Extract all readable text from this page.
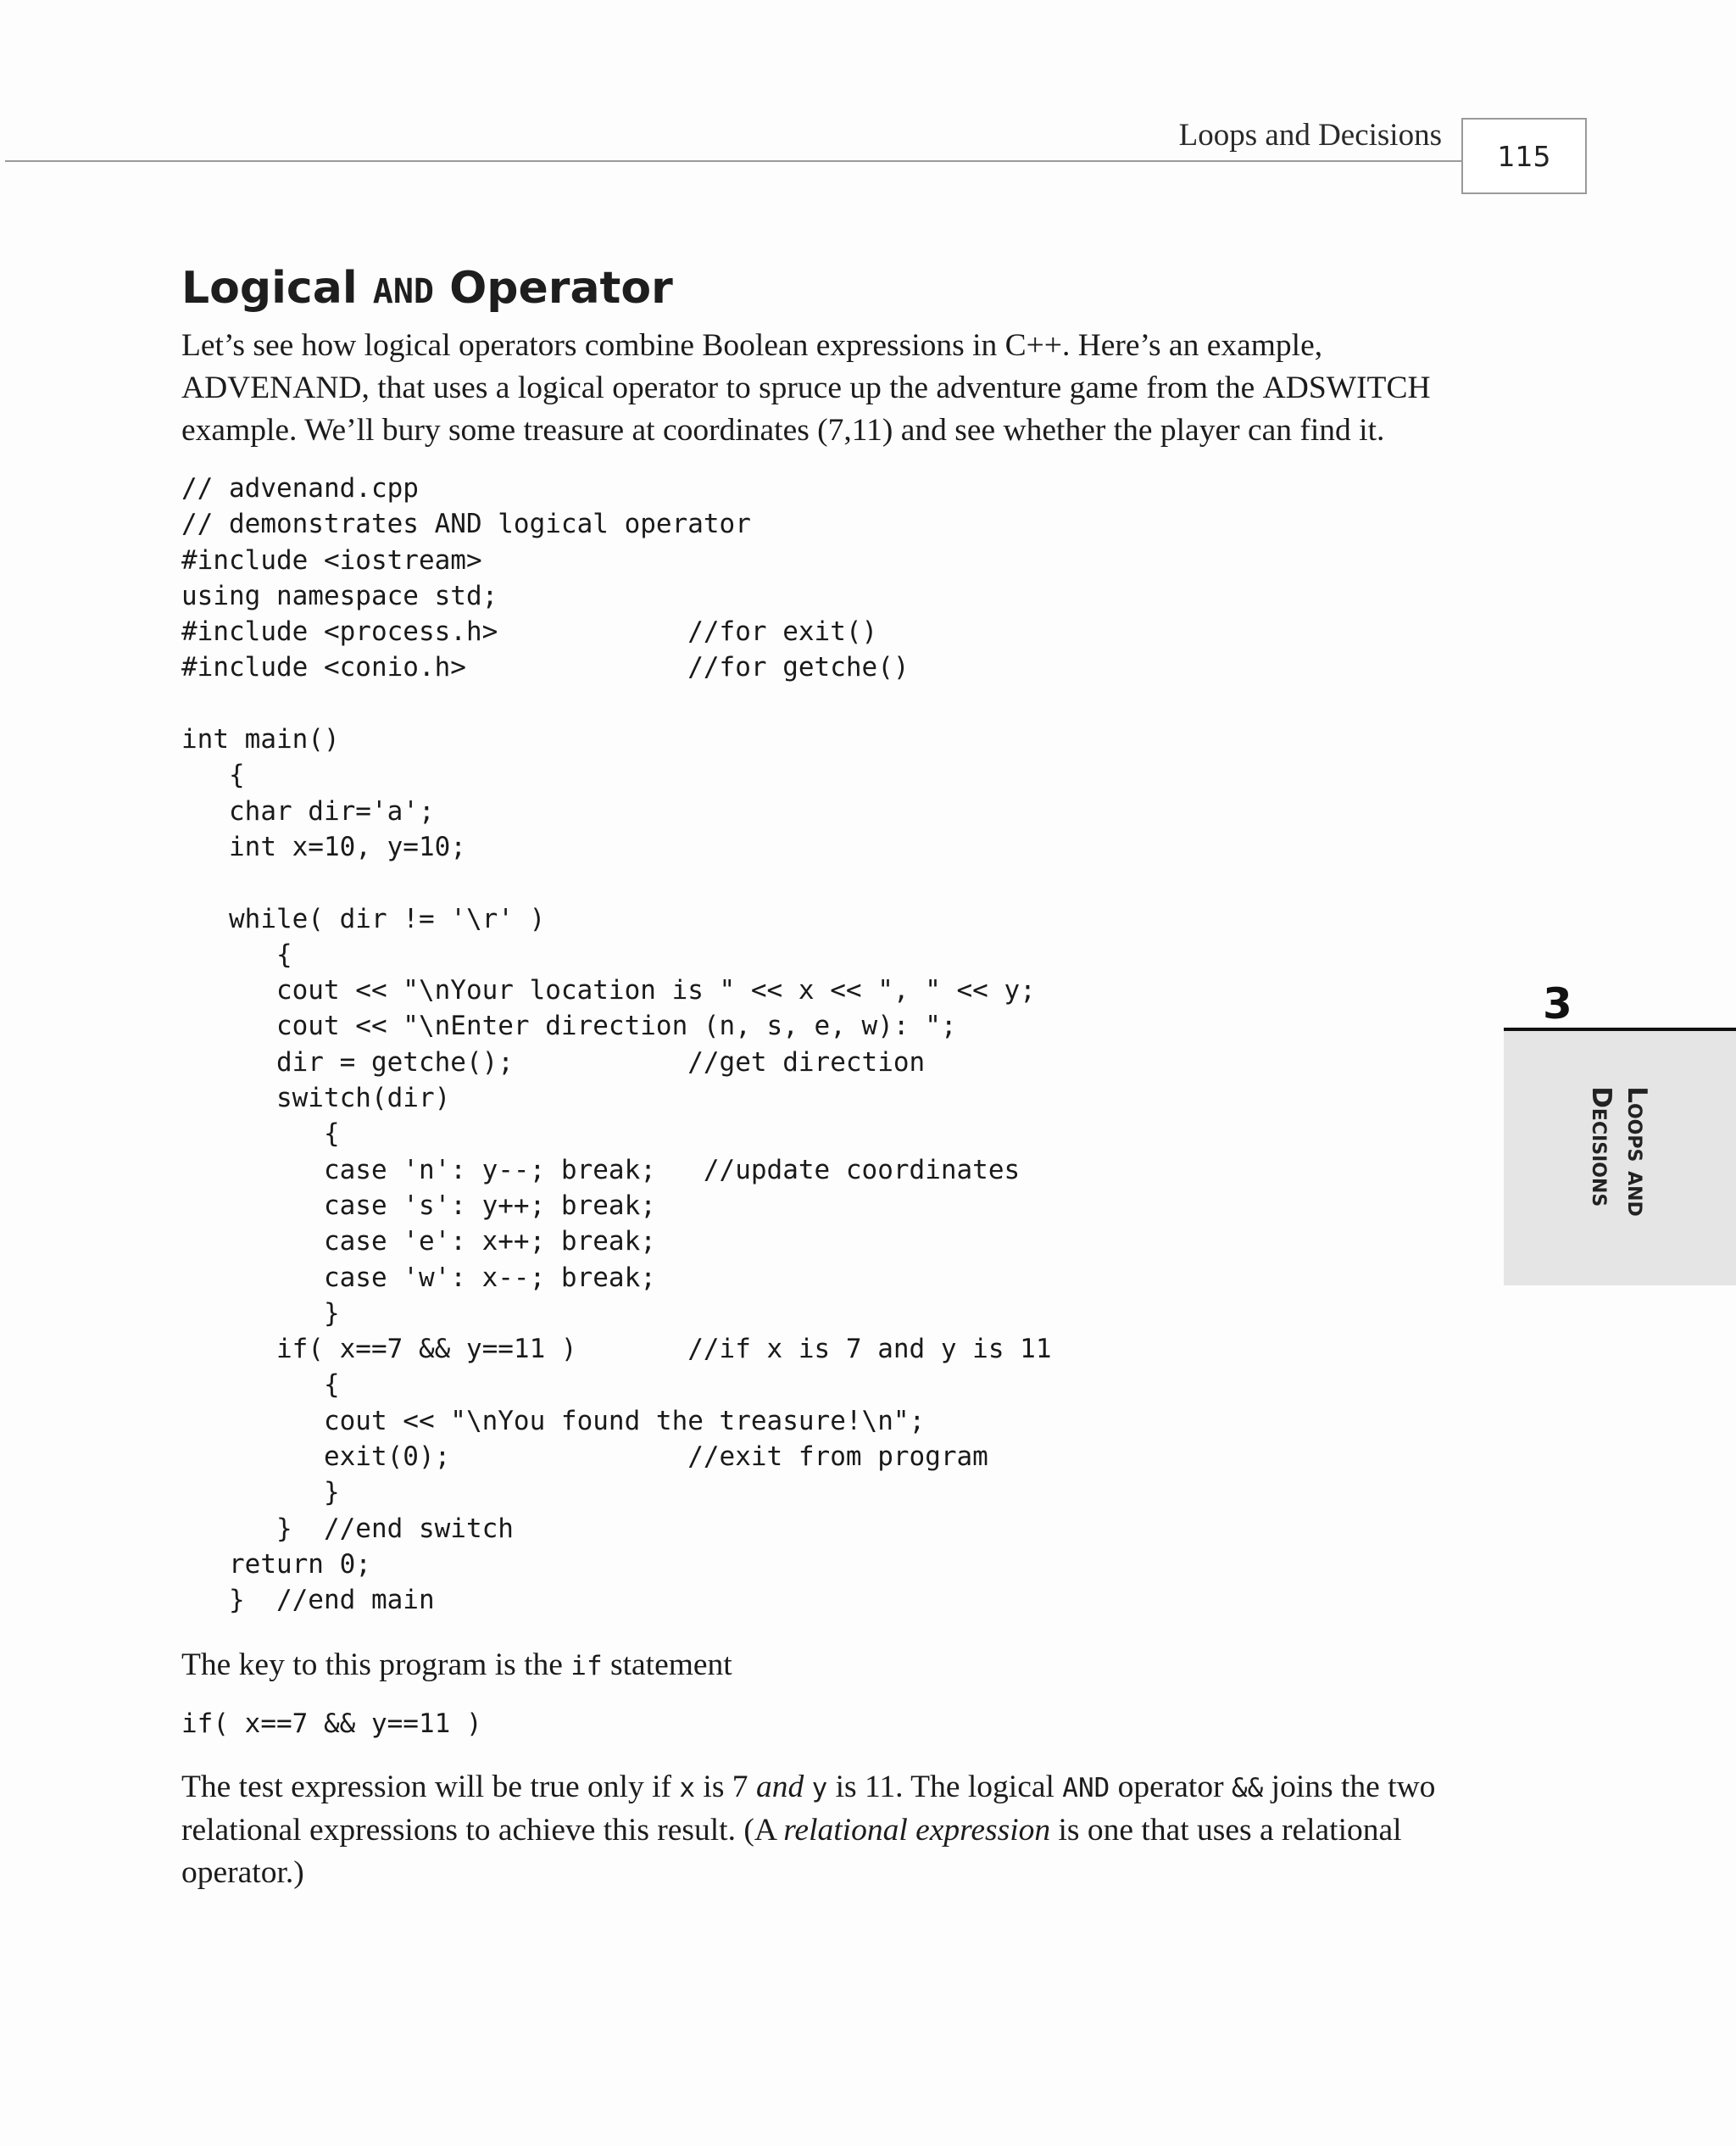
Loops and Decisions
115
3
Loops and
Decisions
Logical AND Operator

Let’s see how logical operators combine Boolean expressions in C++. Here’s an example, ADVENAND, that uses a logical operator to spruce up the adventure game from the ADSWITCH example. We’ll bury some treasure at coordinates (7,11) and see whether the player can find it.

// advenand.cpp
// demonstrates AND logical operator
#include <iostream>
using namespace std;
#include <process.h>            //for exit()
#include <conio.h>              //for getche()

int main()
{
char dir='a';
int x=10, y=10;

while( dir != '\r' )
{
cout << "\nYour location is " << x << ", " << y;
cout << "\nEnter direction (n, s, e, w): ";
dir = getche();           //get direction
switch(dir)
{
case 'n': y--; break;   //update coordinates
case 's': y++; break;
case 'e': x++; break;
case 'w': x--; break;
}
if( x==7 && y==11 )       //if x is 7 and y is 11
{
cout << "\nYou found the treasure!\n";
exit(0);               //exit from program
}
}  //end switch
return 0;
}  //end main

The key to this program is the if statement

if( x==7 && y==11 )

The test expression will be true only if x is 7 and y is 11. The logical AND operator && joins the two relational expressions to achieve this result. (A relational expression is one that uses a relational operator.)
